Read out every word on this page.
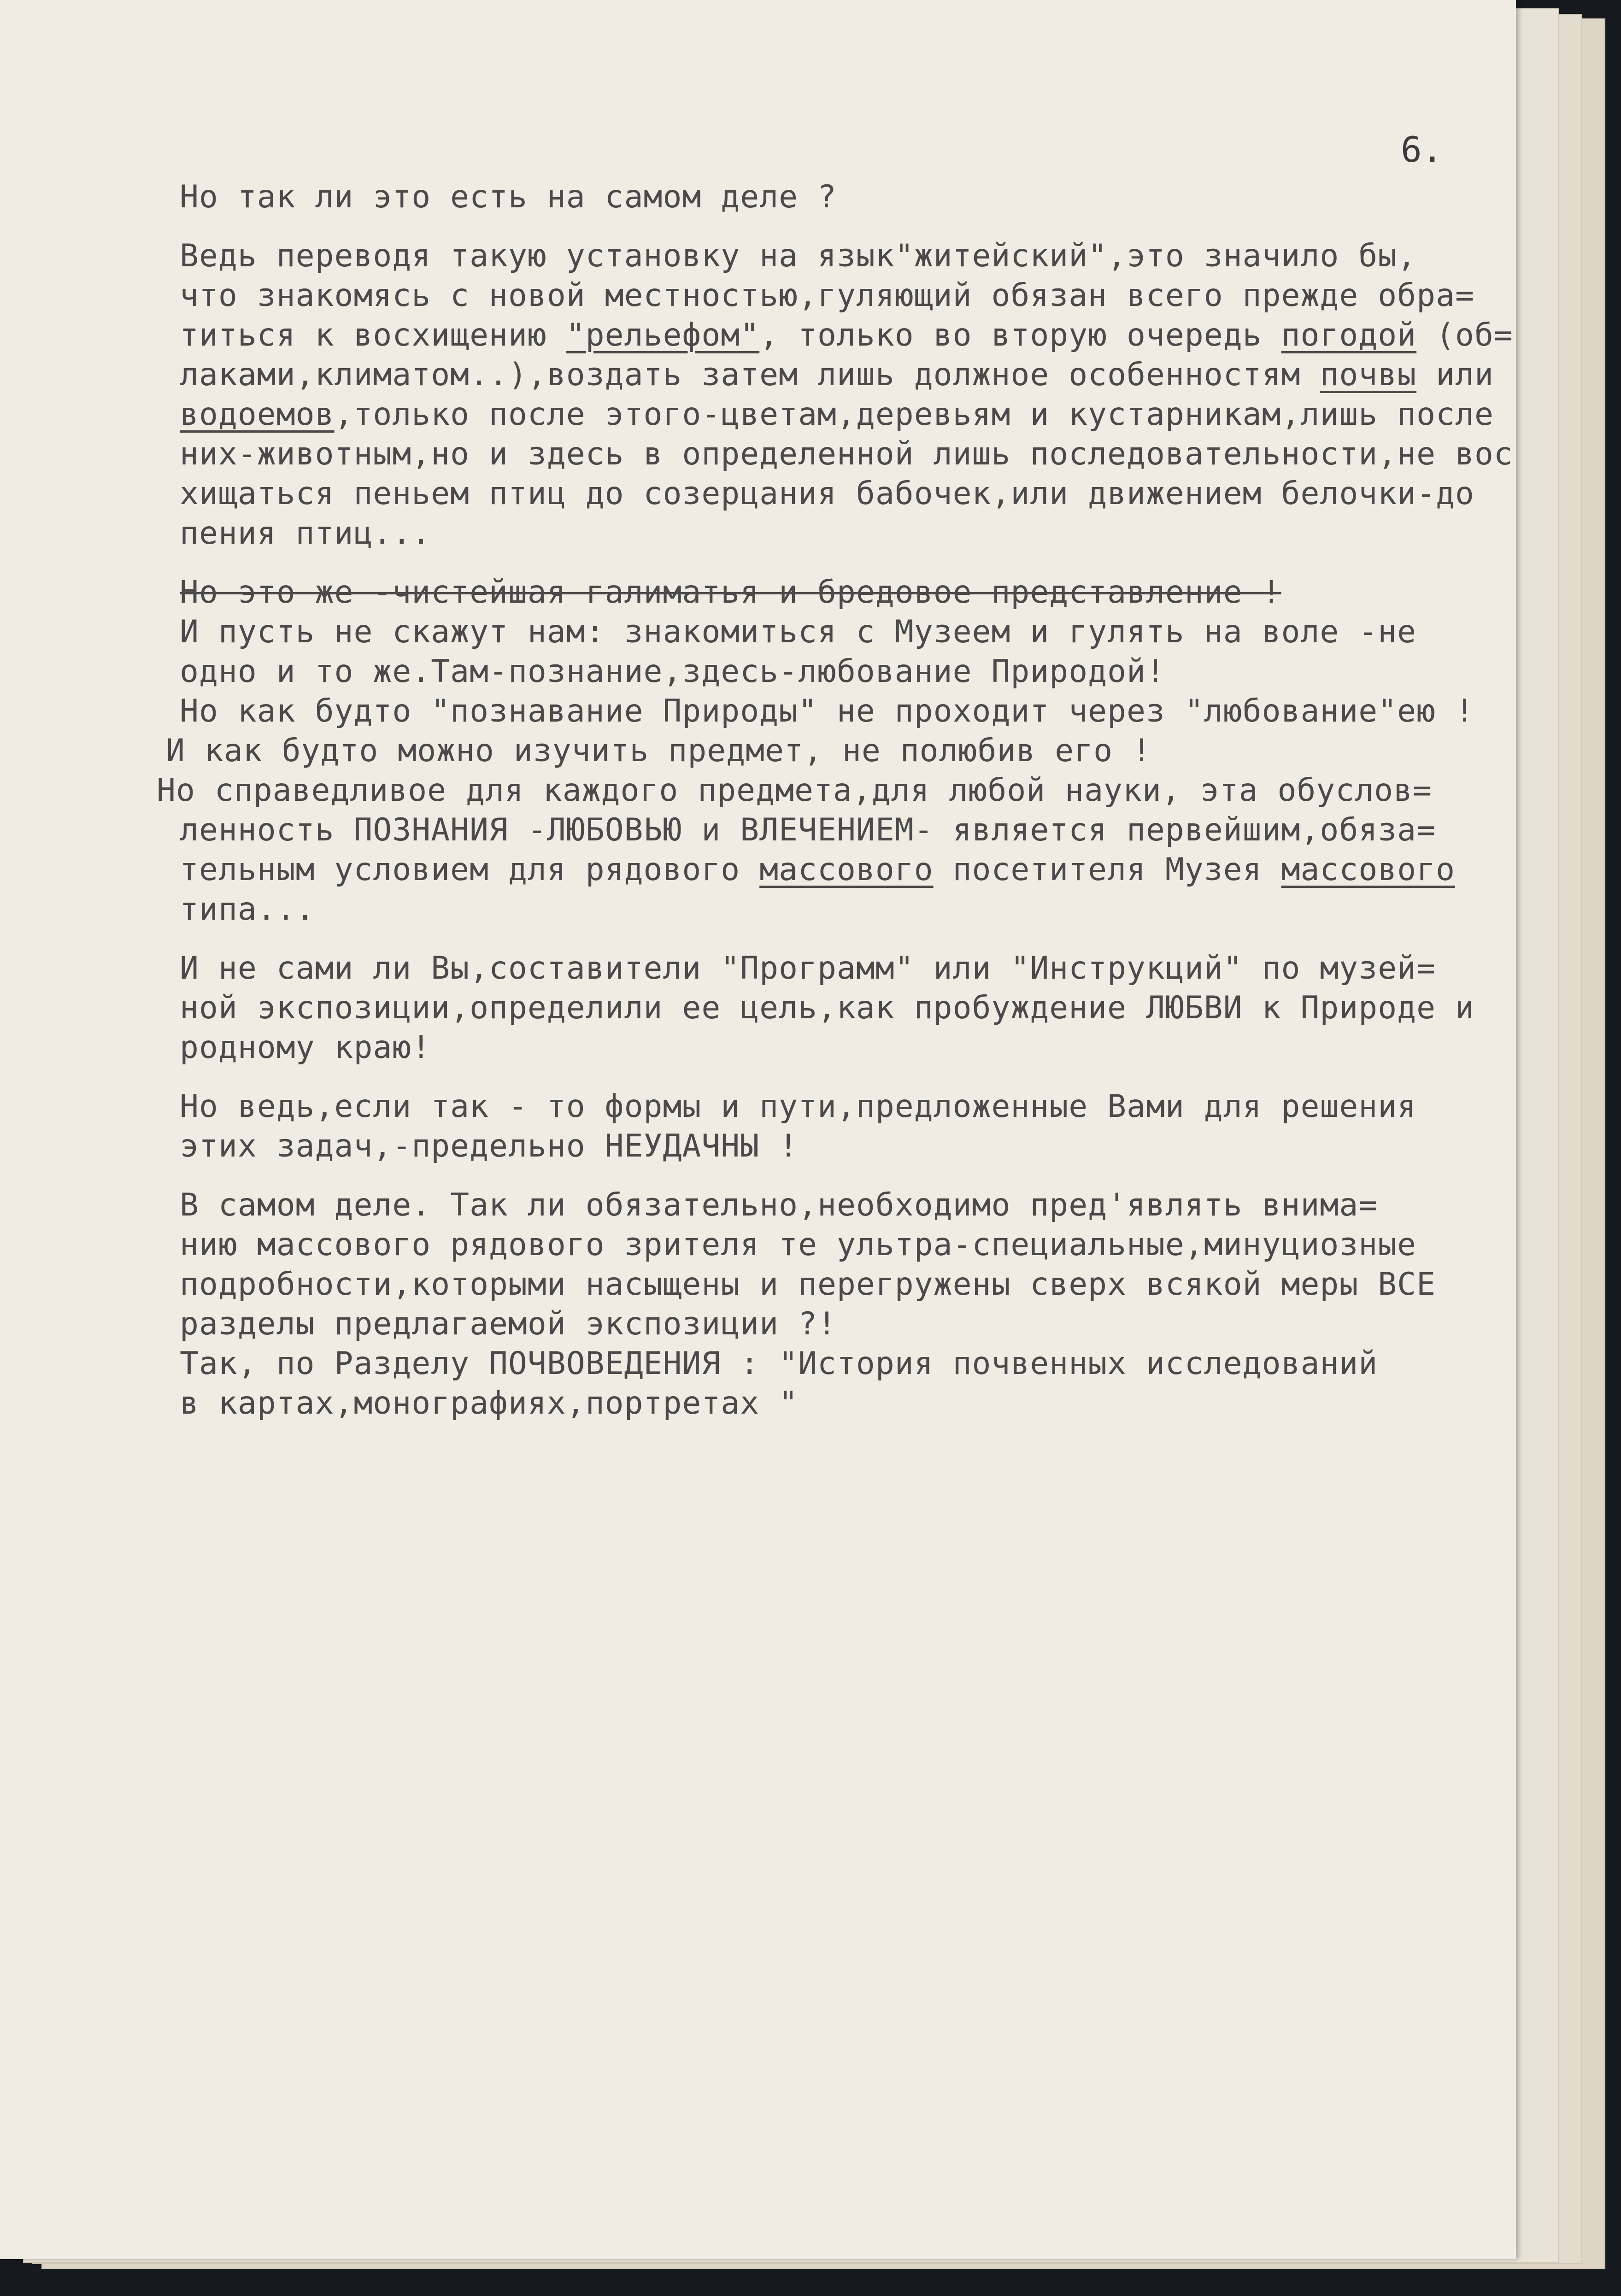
6.
Но так ли это есть на самом деле ?
Ведь переводя такую установку на язык"житейский",это значило бы,
что знакомясь с новой местностью,гуляющий обязан всего прежде обра=
титься к восхищению "рельефом", только во вторую очередь погодой (об=
лаками,климатом..),воздать затем лишь должное особенностям почвы или
водоемов,только после этого-цветам,деревьям и кустарникам,лишь после
них-животным,но и здесь в определенной лишь последовательности,не вос
хищаться пеньем птиц до созерцания бабочек,или движением белочки-до
пения птиц...
Но это же -чистейшая галиматья и бредовое представление !
И пусть не скажут нам: знакомиться с Музеем и гулять на воле -не
одно и то же.Там-познание,здесь-любование Природой!
Но как будто "познавание Природы" не проходит через "любование"ею !
И как будто можно изучить предмет, не полюбив его !
Но справедливое для каждого предмета,для любой науки, эта обуслов=
ленность ПОЗНАНИЯ -ЛЮБОВЬЮ и ВЛЕЧЕНИЕМ- является первейшим,обяза=
тельным условием для рядового массового посетителя Музея массового
типа...
И не сами ли Вы,составители "Программ" или "Инструкций" по музей=
ной экспозиции,определили ее цель,как пробуждение ЛЮБВИ к Природе и
родному краю!
Но ведь,если так - то формы и пути,предложенные Вами для решения
этих задач,-предельно НЕУДАЧНЫ !
В самом деле. Так ли обязательно,необходимо пред'являть внима=
нию массового рядового зрителя те ультра-специальные,минуциозные
подробности,которыми насыщены и перегружены сверх всякой меры ВСЕ
разделы предлагаемой экспозиции ?!
Так, по Разделу ПОЧВОВЕДЕНИЯ : "История почвенных исследований
в картах,монографиях,портретах "
